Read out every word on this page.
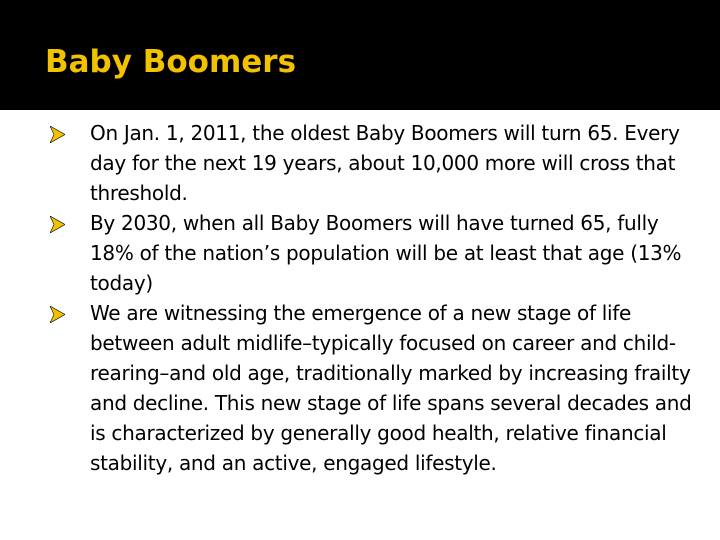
Baby Boomers
On Jan. 1, 2011, the oldest Baby Boomers will turn 65. Every day for the next 19 years, about 10,000 more will cross that threshold.
By 2030, when all Baby Boomers will have turned 65, fully 18% of the nation’s population will be at least that age (13% today)
We are witnessing the emergence of a new stage of life between adult midlife–typically focused on career and child-rearing–and old age, traditionally marked by increasing frailty and decline. This new stage of life spans several decades and is characterized by generally good health, relative financial stability, and an active, engaged lifestyle.
